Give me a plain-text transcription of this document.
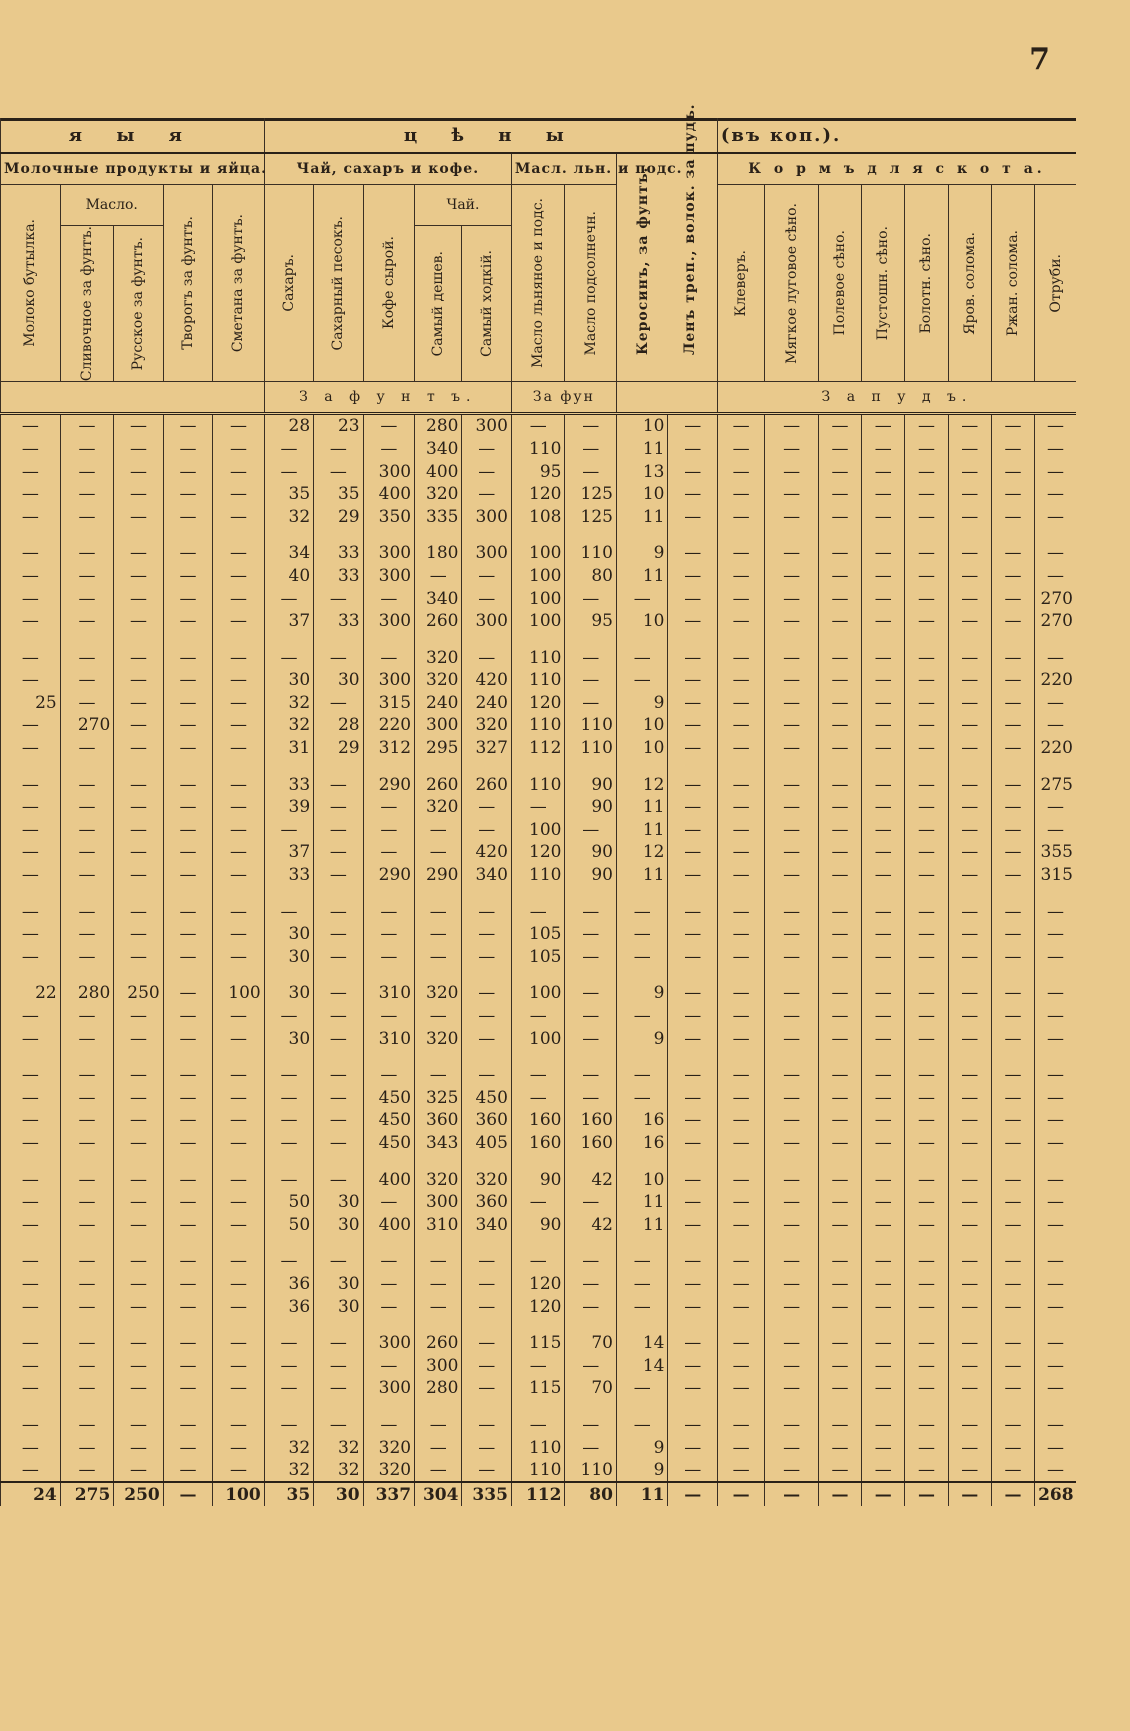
7
я ы я					ц ѣ н ы									(въ коп.).							
Молочные продукты и яйца.					Чай, сахаръ и кофе.					Масл. льн. и подс.		Керосинъ, за фунтъ. Ленъ треп., волок. за пудъ.		К о р м ъ д л я с к о т а.							

Молоко бутылка.	Масло.		Творогъ за фунтъ.	Сметана за фунтъ.	Сахаръ.	Сахарный песокъ.	Кофе сырой.	Чай.		Масло льняное и подс.	Масло подсолнечн.			Клеверъ.	Мягкое луговое сѣно.	Полевое сѣно.	Пустошн. сѣно.	Болотн. сѣно.	Яров. солома.	Ржан. солома.	Отруби.

	Сливочное за фунтъ.	Русское за фунтъ.						Самый дешев.	Самый ходкій.												

					З а ф у н т ъ.					За фун				З а п у д ъ.							
—	—	—	—	—	28	23	—	280	300	—	—	10	—	—	—	—	—	—	—	—	—
—	—	—	—	—	—	—	—	340	—	110	—	11	—	—	—	—	—	—	—	—	—
—	—	—	—	—	—	—	300	400	—	95	—	13	—	—	—	—	—	—	—	—	—
—	—	—	—	—	35	35	400	320	—	120	125	10	—	—	—	—	—	—	—	—	—
—	—	—	—	—	32	29	350	335	300	108	125	11	—	—	—	—	—	—	—	—	—

—	—	—	—	—	34	33	300	180	300	100	110	9	—	—	—	—	—	—	—	—	—
—	—	—	—	—	40	33	300	—	—	100	80	11	—	—	—	—	—	—	—	—	—
—	—	—	—	—	—	—	—	340	—	100	—	—	—	—	—	—	—	—	—	—	270
—	—	—	—	—	37	33	300	260	300	100	95	10	—	—	—	—	—	—	—	—	270

—	—	—	—	—	—	—	—	320	—	110	—	—	—	—	—	—	—	—	—	—	—
—	—	—	—	—	30	30	300	320	420	110	—	—	—	—	—	—	—	—	—	—	220
25	—	—	—	—	32	—	315	240	240	120	—	9	—	—	—	—	—	—	—	—	—
—	270	—	—	—	32	28	220	300	320	110	110	10	—	—	—	—	—	—	—	—	—
—	—	—	—	—	31	29	312	295	327	112	110	10	—	—	—	—	—	—	—	—	220

—	—	—	—	—	33	—	290	260	260	110	90	12	—	—	—	—	—	—	—	—	275
—	—	—	—	—	39	—	—	320	—	—	90	11	—	—	—	—	—	—	—	—	—
—	—	—	—	—	—	—	—	—	—	100	—	11	—	—	—	—	—	—	—	—	—
—	—	—	—	—	37	—	—	—	420	120	90	12	—	—	—	—	—	—	—	—	355
—	—	—	—	—	33	—	290	290	340	110	90	11	—	—	—	—	—	—	—	—	315

—	—	—	—	—	—	—	—	—	—	—	—	—	—	—	—	—	—	—	—	—	—
—	—	—	—	—	30	—	—	—	—	105	—	—	—	—	—	—	—	—	—	—	—
—	—	—	—	—	30	—	—	—	—	105	—	—	—	—	—	—	—	—	—	—	—

22	280	250	—	100	30	—	310	320	—	100	—	9	—	—	—	—	—	—	—	—	—
—	—	—	—	—	—	—	—	—	—	—	—	—	—	—	—	—	—	—	—	—	—
—	—	—	—	—	30	—	310	320	—	100	—	9	—	—	—	—	—	—	—	—	—

—	—	—	—	—	—	—	—	—	—	—	—	—	—	—	—	—	—	—	—	—	—
—	—	—	—	—	—	—	450	325	450	—	—	—	—	—	—	—	—	—	—	—	—
—	—	—	—	—	—	—	450	360	360	160	160	16	—	—	—	—	—	—	—	—	—
—	—	—	—	—	—	—	450	343	405	160	160	16	—	—	—	—	—	—	—	—	—

—	—	—	—	—	—	—	400	320	320	90	42	10	—	—	—	—	—	—	—	—	—
—	—	—	—	—	50	30	—	300	360	—	—	11	—	—	—	—	—	—	—	—	—
—	—	—	—	—	50	30	400	310	340	90	42	11	—	—	—	—	—	—	—	—	—

—	—	—	—	—	—	—	—	—	—	—	—	—	—	—	—	—	—	—	—	—	—
—	—	—	—	—	36	30	—	—	—	120	—	—	—	—	—	—	—	—	—	—	—
—	—	—	—	—	36	30	—	—	—	120	—	—	—	—	—	—	—	—	—	—	—

—	—	—	—	—	—	—	300	260	—	115	70	14	—	—	—	—	—	—	—	—	—
—	—	—	—	—	—	—	—	300	—	—	—	14	—	—	—	—	—	—	—	—	—
—	—	—	—	—	—	—	300	280	—	115	70	—	—	—	—	—	—	—	—	—	—

—	—	—	—	—	—	—	—	—	—	—	—	—	—	—	—	—	—	—	—	—	—
—	—	—	—	—	32	32	320	—	—	110	—	9	—	—	—	—	—	—	—	—	—
—	—	—	—	—	32	32	320	—	—	110	110	9	—	—	—	—	—	—	—	—	—
24	275	250	—	100	35	30	337	304	335	112	80	11	—	—	—	—	—	—	—	—	268
